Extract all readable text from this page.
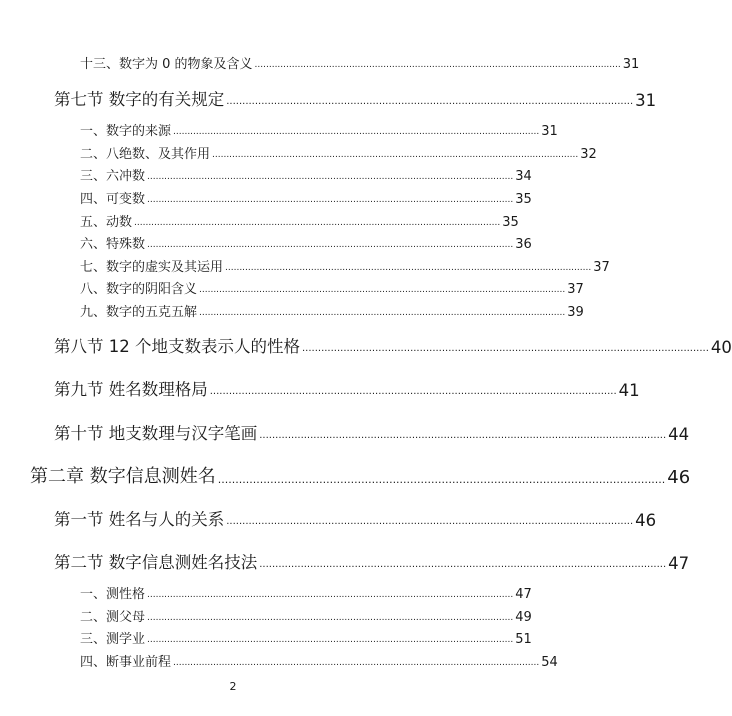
十三、数字为 0 的物象及含义 ................................................................................................................................ 31
第七节 数字的有关规定 ................................................................................................................................ 31
一、数字的来源 ................................................................................................................................ 31
二、八绝数、及其作用 ................................................................................................................................ 32
三、六冲数 ................................................................................................................................ 34
四、可变数 ................................................................................................................................ 35
五、动数 ................................................................................................................................ 35
六、特殊数 ................................................................................................................................ 36
七、数字的虚实及其运用 ................................................................................................................................ 37
八、数字的阴阳含义 ................................................................................................................................ 37
九、数字的五克五解 ................................................................................................................................ 39
第八节 12 个地支数表示人的性格 ................................................................................................................................ 40
第九节 姓名数理格局 ................................................................................................................................ 41
第十节 地支数理与汉字笔画 ................................................................................................................................ 44
第二章 数字信息测姓名 ................................................................................................................................ 46
第一节 姓名与人的关系 ................................................................................................................................ 46
第二节 数字信息测姓名技法 ................................................................................................................................ 47
一、测性格 ................................................................................................................................ 47
二、测父母 ................................................................................................................................ 49
三、测学业 ................................................................................................................................ 51
四、断事业前程 ................................................................................................................................ 54
2
